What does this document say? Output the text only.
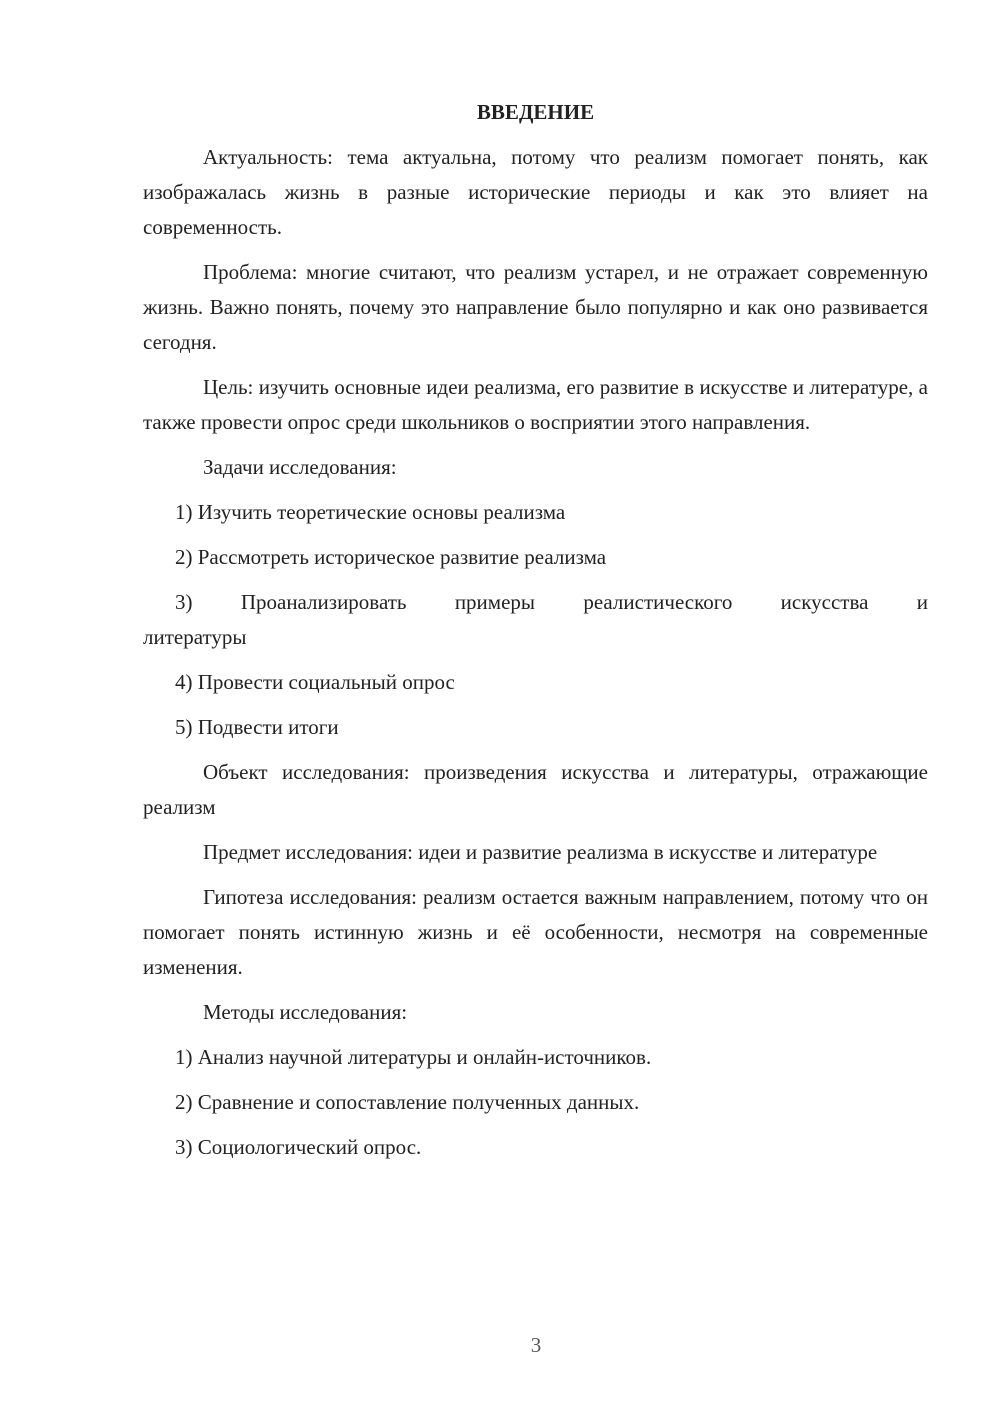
ВВЕДЕНИЕ
Актуальность: тема актуальна, потому что реализм помогает понять, как изображалась жизнь в разные исторические периоды и как это влияет на современность.
Проблема: многие считают, что реализм устарел, и не отражает современную жизнь. Важно понять, почему это направление было популярно и как оно развивается сегодня.
Цель: изучить основные идеи реализма, его развитие в искусстве и литературе, а также провести опрос среди школьников о восприятии этого направления.
Задачи исследования:
1) Изучить теоретические основы реализма
2) Рассмотреть историческое развитие реализма
3) Проанализировать примеры реалистического искусства и
литературы
4) Провести социальный опрос
5) Подвести итоги
Объект исследования: произведения искусства и литературы, отражающие реализм
Предмет исследования: идеи и развитие реализма в искусстве и литературе
Гипотеза исследования: реализм остается важным направлением, потому что он помогает понять истинную жизнь и её особенности, несмотря на современные изменения.
Методы исследования:
1) Анализ научной литературы и онлайн-источников.
2) Сравнение и сопоставление полученных данных.
3) Социологический опрос.
3
